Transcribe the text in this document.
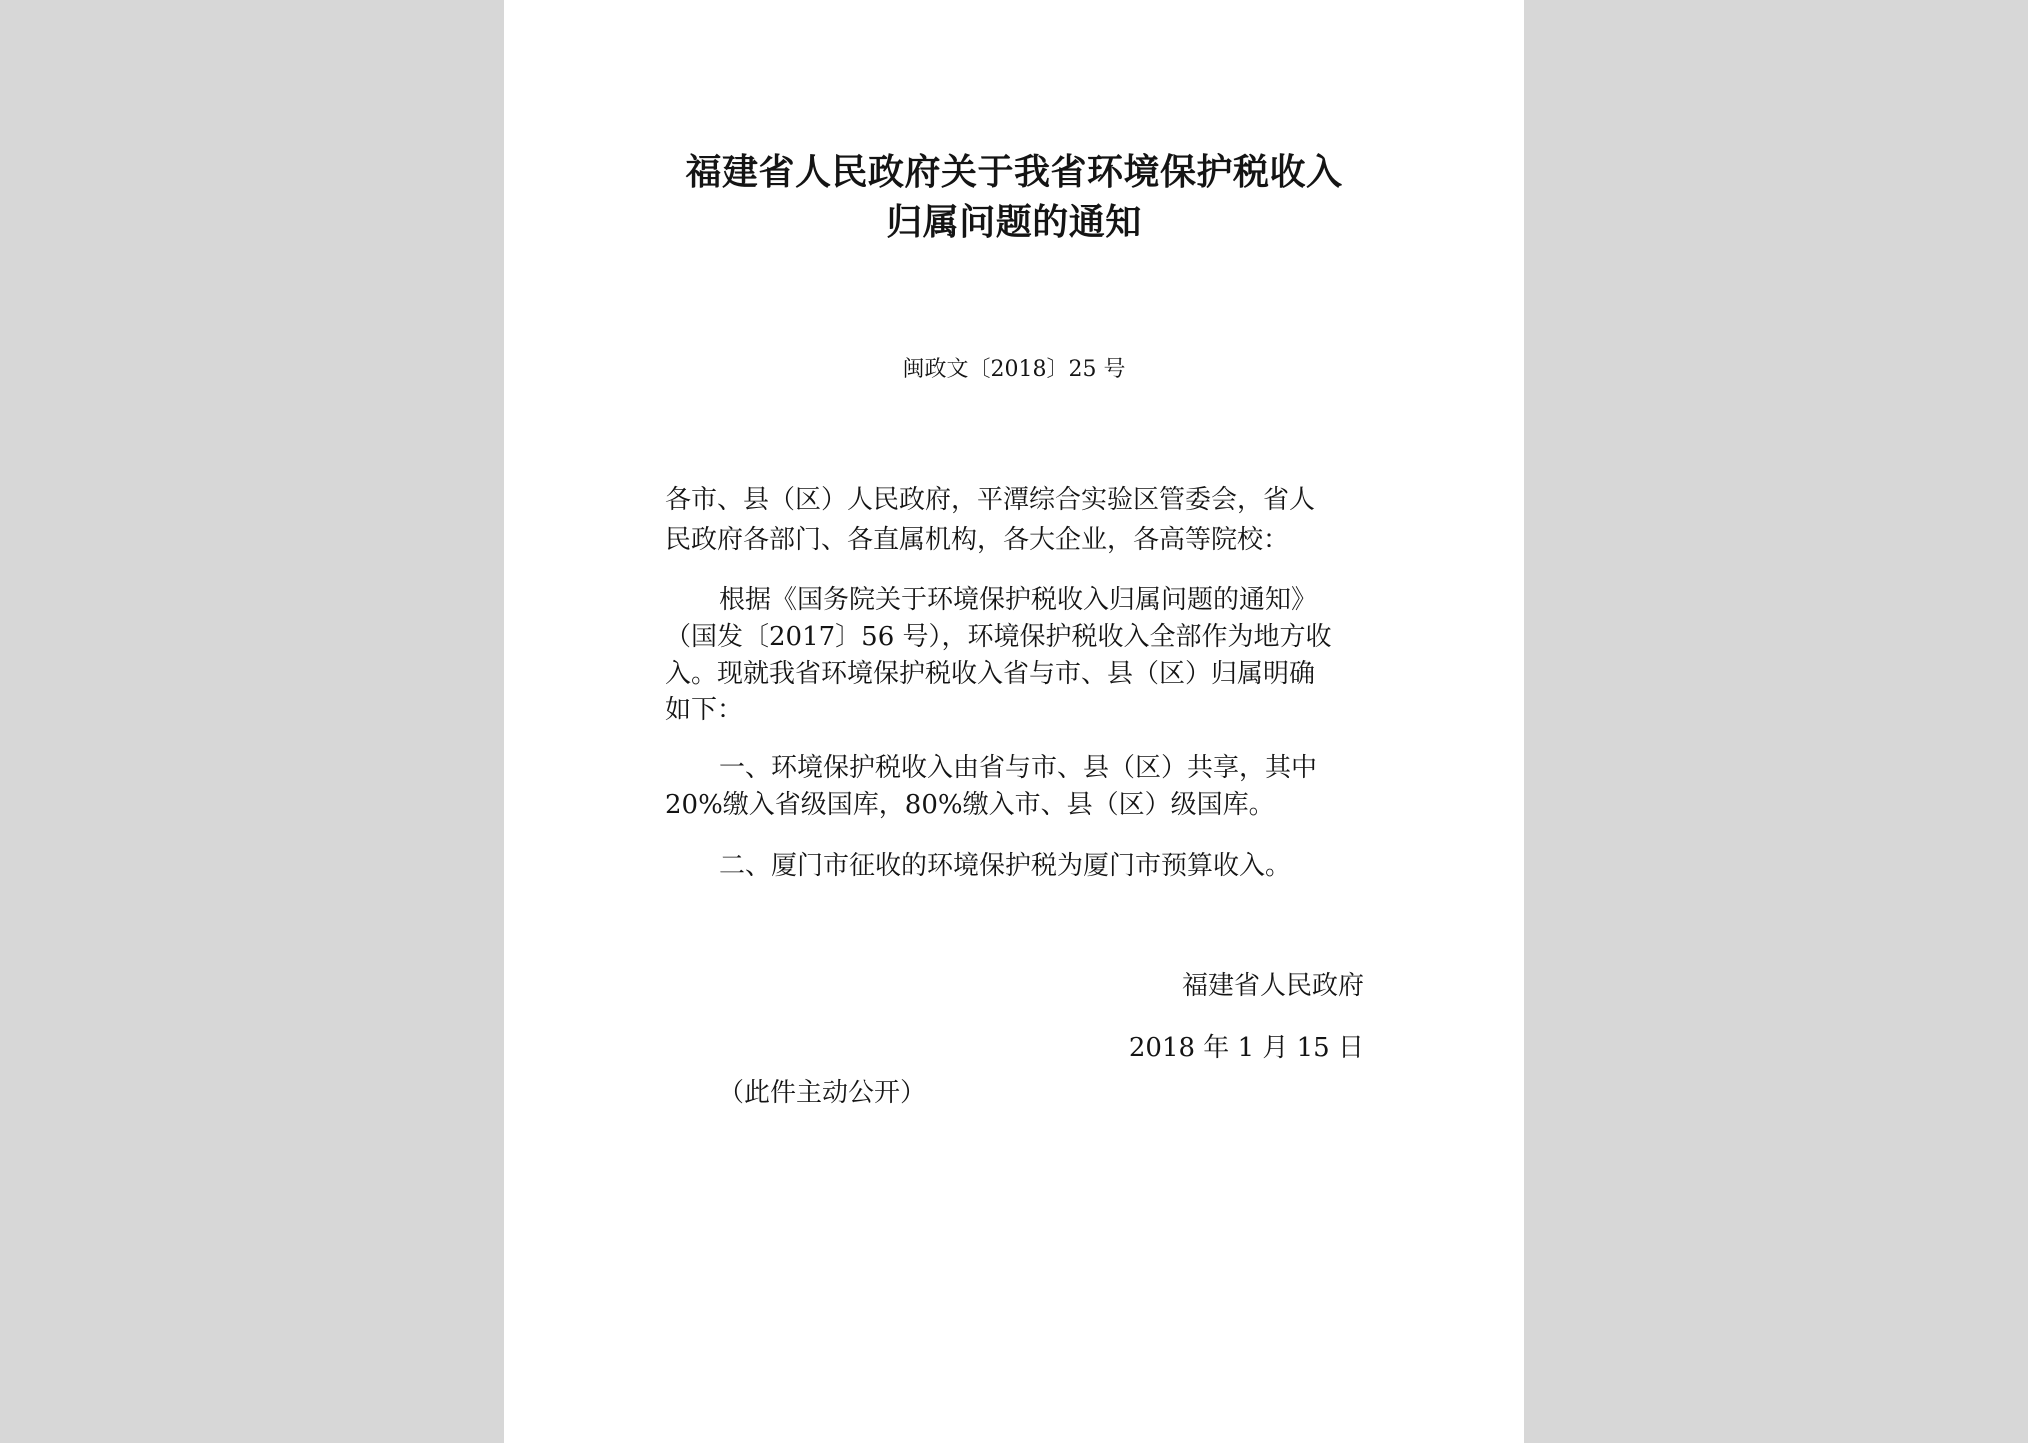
福建省人民政府关于我省环境保护税收入
归属问题的通知
闽政文〔2018〕25 号
各市、县（区）人民政府，平潭综合实验区管委会，省人
民政府各部门、各直属机构，各大企业，各高等院校：
根据《国务院关于环境保护税收入归属问题的通知》
（国发〔2017〕56 号），环境保护税收入全部作为地方收
入。现就我省环境保护税收入省与市、县（区）归属明确
如下：
一、环境保护税收入由省与市、县（区）共享，其中
20%缴入省级国库，80%缴入市、县（区）级国库。
二、厦门市征收的环境保护税为厦门市预算收入。
福建省人民政府
2018 年 1 月 15 日
（此件主动公开）
